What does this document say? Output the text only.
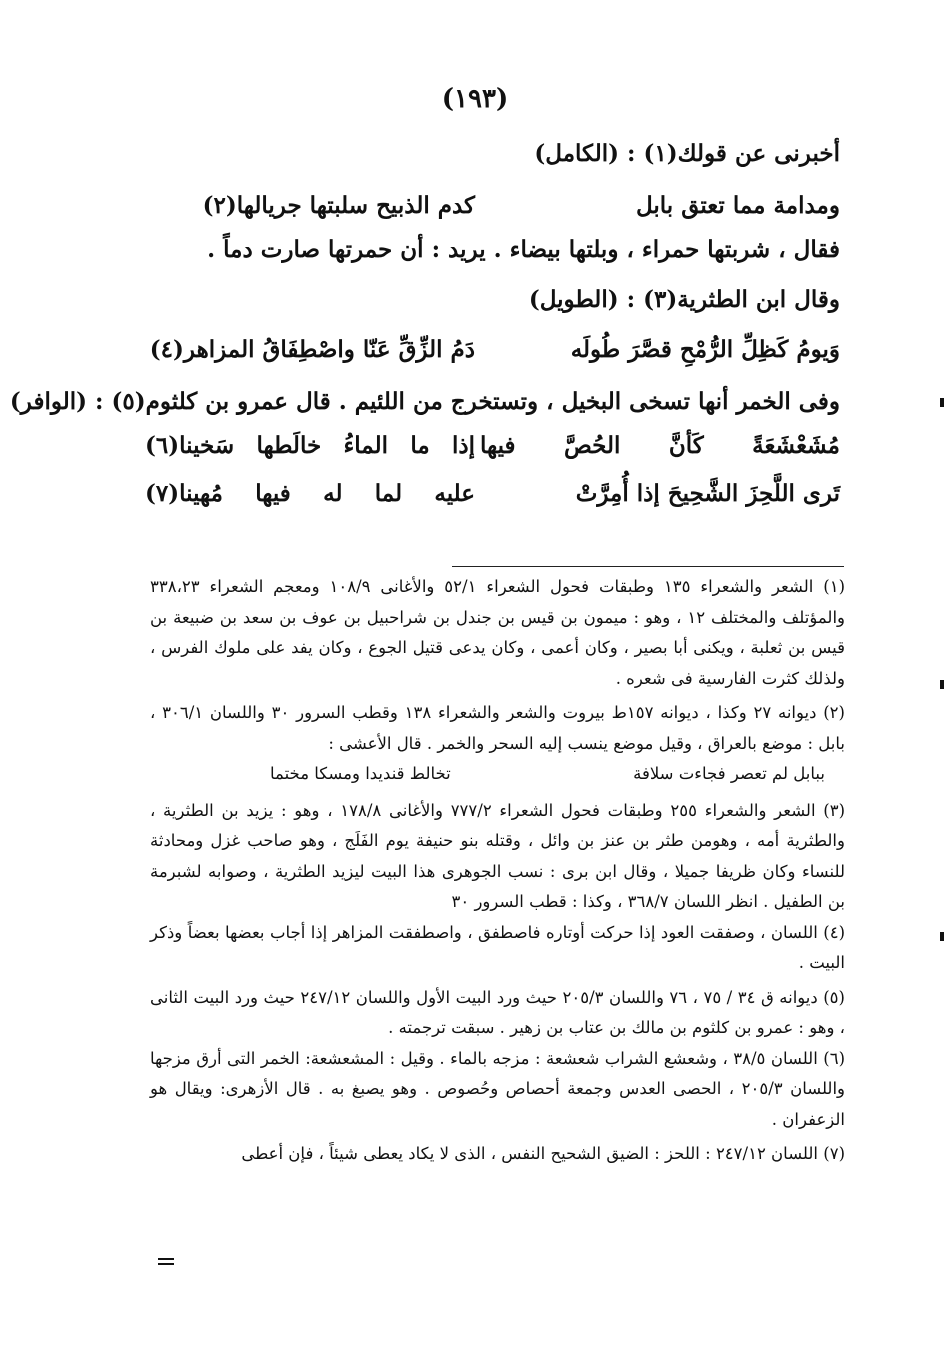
(١٩٣)
أخبرنى عن قولك(١) : (الكامل)
ومدامة مما تعتق بابل
كدم الذبيح سلبتها جريالها(٢)
فقال ، شربتها حمراء ، وبلتها بيضاء . يريد : أن حمرتها صارت دماً .
وقال ابن الطثرية(٣) : (الطويل)
وَيومُ كَظِلِّ الرُّمْحِ قصَّرَ طُولَه
دَمُ الزِّقِّ عَنّا واصْطِفَاقُ المزاهر(٤)
وفى الخمر أنها تسخى البخيل ، وتستخرج من اللئيم . قال عمرو بن كلثوم(٥) : (الوافر)
مُشَعْشَعَةً كَأنَّ الحُصَّ فيها
إذا ما الماءُ خالَطها سَخينا(٦)
تَرى اللَّحِزَ الشَّحِيحَ إذا أُمِرَّتْ
عليه لما له فيها مُهينا(٧)

(١) الشعر والشعراء ١٣٥ وطبقات فحول الشعراء ٥٢/١ والأغانى ١٠٨/٩ ومعجم الشعراء ٣٣٨،٢٣ والمؤتلف والمختلف ١٢ ، وهو : ميمون بن قيس بن جندل بن شراحبيل بن عوف بن سعد بن ضبيعة بن قيس بن ثعلبة ، ويكنى أبا بصير ، وكان أعمى ، وكان يدعى قتيل الجوع ، وكان يفد على ملوك الفرس ، ولذلك كثرت الفارسية فى شعره .

(٢) ديوانه ٢٧ وكذا ، ديوانه ١٥٧ط بيروت والشعر والشعراء ١٣٨ وقطب السرور ٣٠ واللسان ٣٠٦/١ ، بابل : موضع بالعراق ، وقيل موضع ينسب إليه السحر والخمر . قال الأعشى :

ببابل لم تعصر فجاءت سلافة
تخالط قنديدا ومسكا مختما

(٣) الشعر والشعراء ٢٥٥ وطبقات فحول الشعراء ٧٧٧/٢ والأغانى ١٧٨/٨ ، وهو : يزيد بن الطثرية ، والطثرية أمه ، وهومن طثر بن عنز بن وائل ، وقتله بنو حنيفة يوم الفَلَج ، وهو صاحب غزل ومحادثة للنساء وكان ظريفا جميلا ، وقال ابن برى : نسب الجوهرى هذا البيت ليزيد الطثرية ، وصوابه لشبرمة بن الطفيل . انظر اللسان ٣٦٨/٧ ، وكذا : قطب السرور ٣٠

(٤) اللسان ، وصفقت العود إذا حركت أوتاره فاصطفق ، واصطفقت المزاهر إذا أجاب بعضها بعضاً وذكر البيت .

(٥) ديوانه ق ٣٤ / ٧٥ ، ٧٦ واللسان ٢٠٥/٣ حيث ورد البيت الأول واللسان ٢٤٧/١٢ حيث ورد البيت الثانى ، وهو : عمرو بن كلثوم بن مالك بن عتاب بن زهير . سبقت ترجمته .

(٦) اللسان ٣٨/٥ ، وشعشع الشراب شعشعة : مزجه بالماء . وقيل : المشعشعة: الخمر التى أرق مزجها واللسان ٢٠٥/٣ ، الحصى العدس وجمعة أحصاص وحُصوص . وهو يصبغ به . قال الأزهرى: ويقال هو الزعفران .

(٧) اللسان ٢٤٧/١٢ : اللحز : الضيق الشحيح النفس ، الذى لا يكاد يعطى شيئاً ، فإن أعطى
